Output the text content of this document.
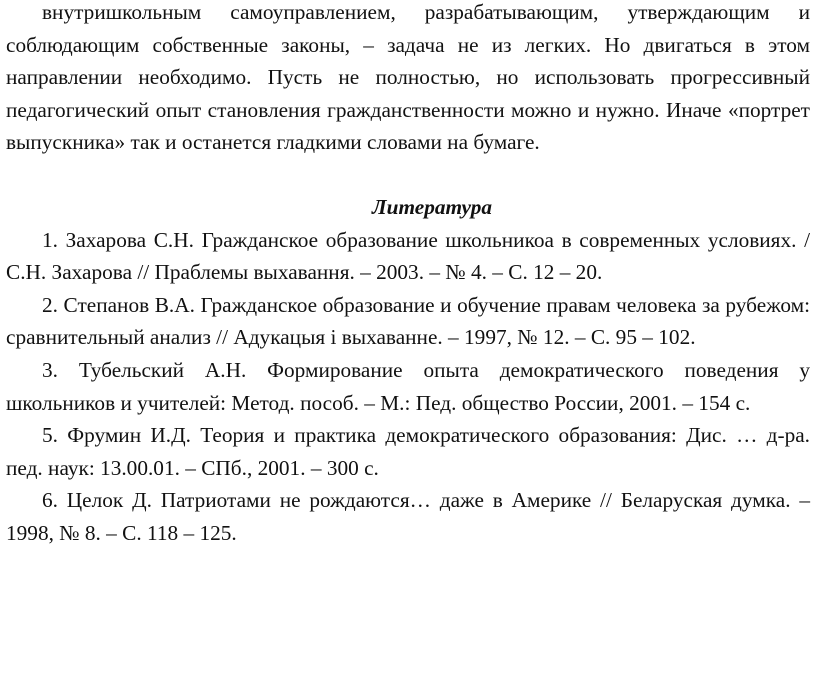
внутришкольным самоуправлением, разрабатывающим, утверждающим и соблюдающим собственные законы, – задача не из легких. Но двигаться в этом направлении необходимо. Пусть не полностью, но использовать прогрессивный педагогический опыт становления гражданственности можно и нужно. Иначе «портрет выпускника» так и останется гладкими словами на бумаге.

Литература

1. Захарова С.Н. Гражданское образование школьникоа в современных условиях. / С.Н. Захарова // Праблемы выхавання. – 2003. – № 4. – С. 12 – 20.

2. Степанов В.А. Гражданское образование и обучение правам человека за рубежом: сравнительный анализ // Адукацыя і выхаванне. – 1997, № 12. – С. 95 – 102.

3. Тубельский А.Н. Формирование опыта демократического поведения у школьников и учителей: Метод. пособ. – М.: Пед. общество России, 2001. – 154 с.

5. Фрумин И.Д. Теория и практика демократического образования: Дис. … д-ра. пед. наук: 13.00.01. – СПб., 2001. – 300 с.

6. Целок Д. Патриотами не рождаются… даже в Америке // Беларуская думка. – 1998, № 8. – С. 118 – 125.
